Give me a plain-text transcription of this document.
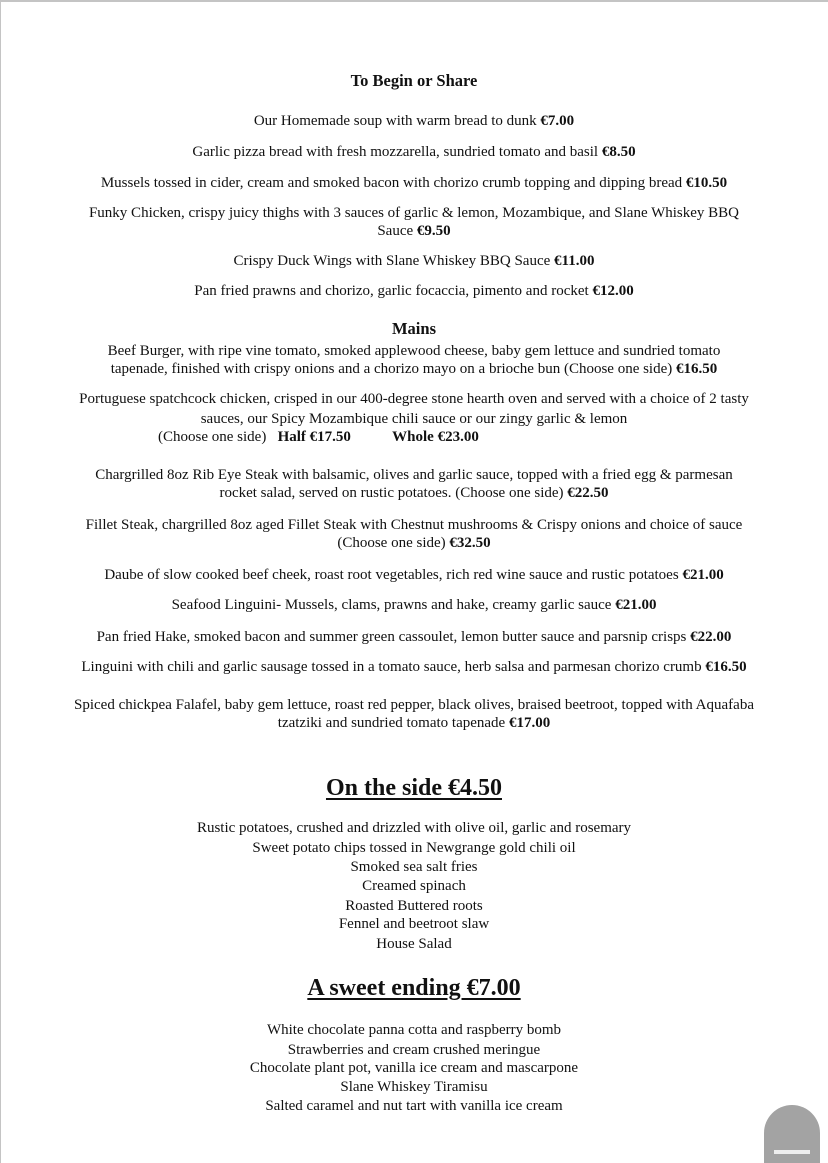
To Begin or Share
Our Homemade soup with warm bread to dunk €7.00
Garlic pizza bread with fresh mozzarella, sundried tomato and basil €8.50
Mussels tossed in cider, cream and smoked bacon with chorizo crumb topping and dipping bread €10.50
Funky Chicken, crispy juicy thighs with 3 sauces of garlic & lemon, Mozambique, and Slane Whiskey BBQ
Sauce €9.50
Crispy Duck Wings with Slane Whiskey BBQ Sauce €11.00
Pan fried prawns and chorizo, garlic focaccia, pimento and rocket €12.00
Mains
Beef Burger, with ripe vine tomato, smoked applewood cheese, baby gem lettuce and sundried tomato
tapenade, finished with crispy onions and a chorizo mayo on a brioche bun (Choose one side) €16.50
Portuguese spatchcock chicken, crisped in our 400-degree stone hearth oven and served with a choice of 2 tasty
sauces, our Spicy Mozambique chili sauce or our zingy garlic & lemon
(Choose one side) Half €17.50	Whole €23.00
Chargrilled 8oz Rib Eye Steak with balsamic, olives and garlic sauce, topped with a fried egg & parmesan
rocket salad, served on rustic potatoes. (Choose one side) €22.50
Fillet Steak, chargrilled 8oz aged Fillet Steak with Chestnut mushrooms & Crispy onions and choice of sauce
(Choose one side) €32.50
Daube of slow cooked beef cheek, roast root vegetables, rich red wine sauce and rustic potatoes €21.00
Seafood Linguini- Mussels, clams, prawns and hake, creamy garlic sauce €21.00
Pan fried Hake, smoked bacon and summer green cassoulet, lemon butter sauce and parsnip crisps €22.00
Linguini with chili and garlic sausage tossed in a tomato sauce, herb salsa and parmesan chorizo crumb €16.50
Spiced chickpea Falafel, baby gem lettuce, roast red pepper, black olives, braised beetroot, topped with Aquafaba
tzatziki and sundried tomato tapenade €17.00
On the side €4.50
Rustic potatoes, crushed and drizzled with olive oil, garlic and rosemary
Sweet potato chips tossed in Newgrange gold chili oil
Smoked sea salt fries
Creamed spinach
Roasted Buttered roots
Fennel and beetroot slaw
House Salad
A sweet ending €7.00
White chocolate panna cotta and raspberry bomb
Strawberries and cream crushed meringue
Chocolate plant pot, vanilla ice cream and mascarpone
Slane Whiskey Tiramisu
Salted caramel and nut tart with vanilla ice cream
